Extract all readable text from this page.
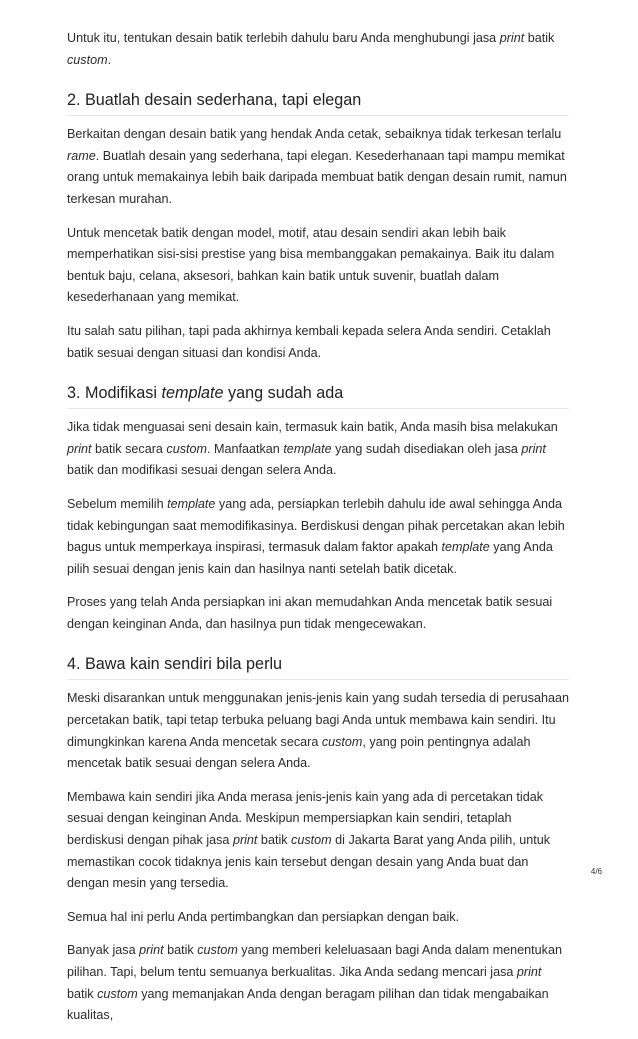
Untuk itu, tentukan desain batik terlebih dahulu baru Anda menghubungi jasa print batik custom.

2. Buatlah desain sederhana, tapi elegan

Berkaitan dengan desain batik yang hendak Anda cetak, sebaiknya tidak terkesan terlalu rame. Buatlah desain yang sederhana, tapi elegan. Kesederhanaan tapi mampu memikat orang untuk memakainya lebih baik daripada membuat batik dengan desain rumit, namun terkesan murahan.

Untuk mencetak batik dengan model, motif, atau desain sendiri akan lebih baik memperhatikan sisi-sisi prestise yang bisa membanggakan pemakainya. Baik itu dalam bentuk baju, celana, aksesori, bahkan kain batik untuk suvenir, buatlah dalam kesederhanaan yang memikat.

Itu salah satu pilihan, tapi pada akhirnya kembali kepada selera Anda sendiri. Cetaklah batik sesuai dengan situasi dan kondisi Anda.

3. Modifikasi template yang sudah ada

Jika tidak menguasai seni desain kain, termasuk kain batik, Anda masih bisa melakukan print batik secara custom. Manfaatkan template yang sudah disediakan oleh jasa print batik dan modifikasi sesuai dengan selera Anda.

Sebelum memilih template yang ada, persiapkan terlebih dahulu ide awal sehingga Anda tidak kebingungan saat memodifikasinya. Berdiskusi dengan pihak percetakan akan lebih bagus untuk memperkaya inspirasi, termasuk dalam faktor apakah template yang Anda pilih sesuai dengan jenis kain dan hasilnya nanti setelah batik dicetak.

Proses yang telah Anda persiapkan ini akan memudahkan Anda mencetak batik sesuai dengan keinginan Anda, dan hasilnya pun tidak mengecewakan.

4. Bawa kain sendiri bila perlu

Meski disarankan untuk menggunakan jenis-jenis kain yang sudah tersedia di perusahaan percetakan batik, tapi tetap terbuka peluang bagi Anda untuk membawa kain sendiri. Itu dimungkinkan karena Anda mencetak secara custom, yang poin pentingnya adalah mencetak batik sesuai dengan selera Anda.

Membawa kain sendiri jika Anda merasa jenis-jenis kain yang ada di percetakan tidak sesuai dengan keinginan Anda. Meskipun mempersiapkan kain sendiri, tetaplah berdiskusi dengan pihak jasa print batik custom di Jakarta Barat yang Anda pilih, untuk memastikan cocok tidaknya jenis kain tersebut dengan desain yang Anda buat dan dengan mesin yang tersedia.

Semua hal ini perlu Anda pertimbangkan dan persiapkan dengan baik.

Banyak jasa print batik custom yang memberi keleluasaan bagi Anda dalam menentukan pilihan. Tapi, belum tentu semuanya berkualitas. Jika Anda sedang mencari jasa print batik custom yang memanjakan Anda dengan beragam pilihan dan tidak mengabaikan kualitas,

4/6
